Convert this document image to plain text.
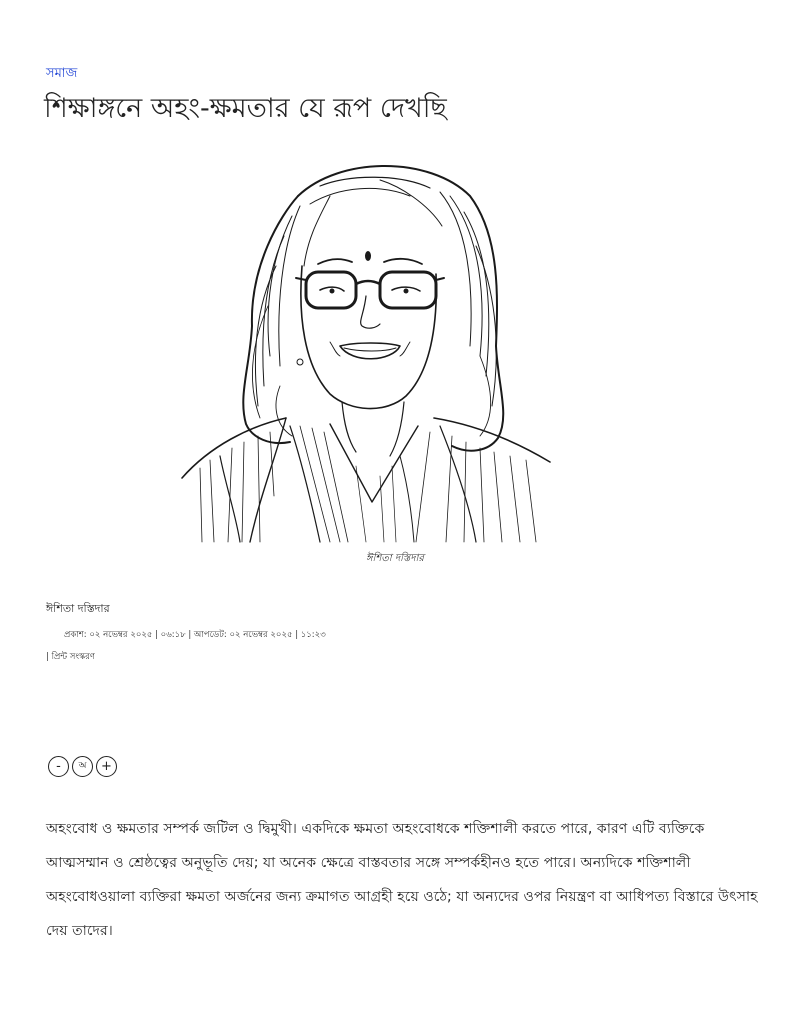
সমাজ
শিক্ষাঙ্গনে অহং-ক্ষমতার যে রূপ দেখছি
ঈশিতা দস্তিদার
ঈশিতা দস্তিদার
প্রকাশ: ০২ নভেম্বর ২০২৫ | ০৬:১৮ | আপডেট: ০২ নভেম্বর ২০২৫ | ১১:২৩
| প্রিন্ট সংস্করণ
-	অ	+

অহংবোধ ও ক্ষমতার সম্পর্ক জটিল ও দ্বিমুখী। একদিকে ক্ষমতা অহংবোধকে শক্তিশালী করতে পারে, কারণ এটি ব্যক্তিকে আত্মসম্মান ও শ্রেষ্ঠত্বের অনুভূতি দেয়; যা অনেক ক্ষেত্রে বাস্তবতার সঙ্গে সম্পর্কহীনও হতে পারে। অন্যদিকে শক্তিশালী অহংবোধওয়ালা ব্যক্তিরা ক্ষমতা অর্জনের জন্য ক্রমাগত আগ্রহী হয়ে ওঠে; যা অন্যদের ওপর নিয়ন্ত্রণ বা আধিপত্য বিস্তারে উৎসাহ দেয় তাদের।
